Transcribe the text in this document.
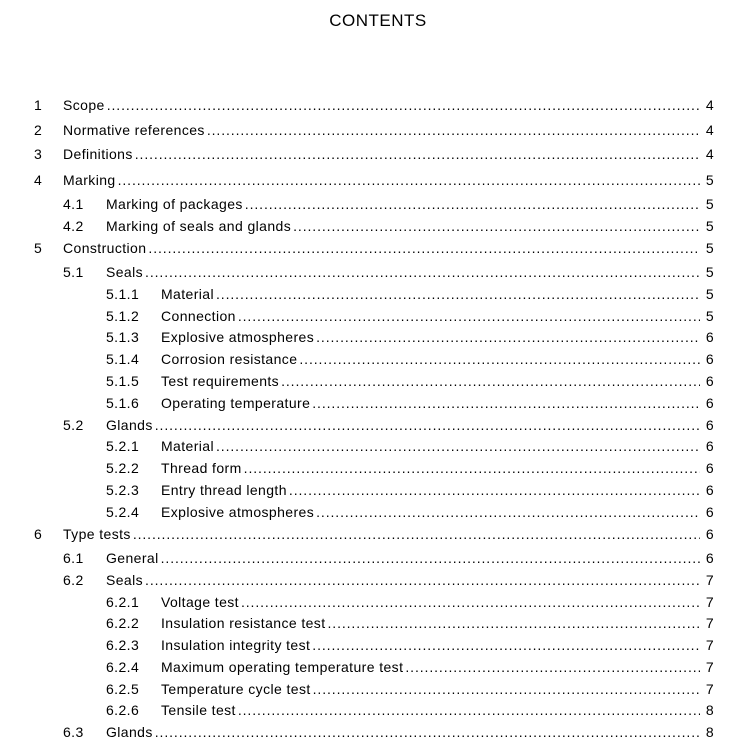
CONTENTS
1 Scope .....	4
2 Normative references .....	4
3 Definitions .....	4
4 Marking .....	5
4.1 Marking of packages .....	5
4.2 Marking of seals and glands .....	5
5 Construction .....	5
5.1 Seals .....	5
5.1.1 Material .....	5
5.1.2 Connection .....	5
5.1.3 Explosive atmospheres .....	6
5.1.4 Corrosion resistance .....	6
5.1.5 Test requirements .....	6
5.1.6 Operating temperature .....	6
5.2 Glands .....	6
5.2.1 Material .....	6
5.2.2 Thread form .....	6
5.2.3 Entry thread length .....	6
5.2.4 Explosive atmospheres .....	6
6 Type tests .....	6
6.1 General .....	6
6.2 Seals .....	7
6.2.1 Voltage test .....	7
6.2.2 Insulation resistance test .....	7
6.2.3 Insulation integrity test .....	7
6.2.4 Maximum operating temperature test .....	7
6.2.5 Temperature cycle test .....	7
6.2.6 Tensile test .....	8
6.3 Glands .....	8
